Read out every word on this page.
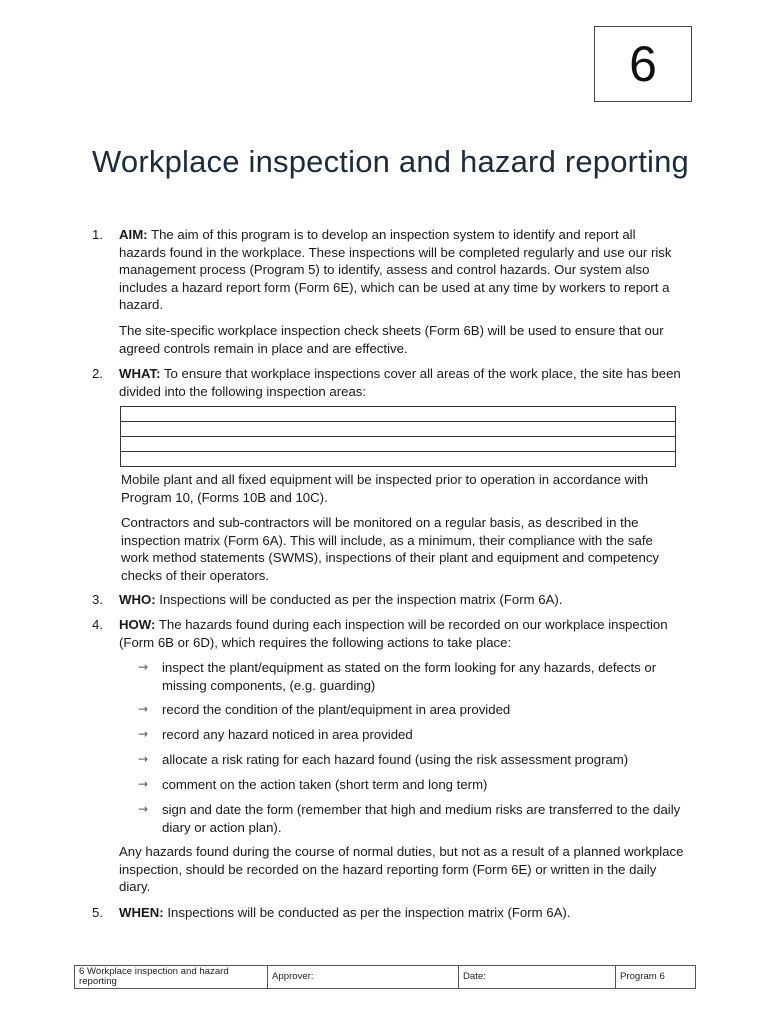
6
Workplace inspection and hazard reporting
1.	AIM: The aim of this program is to develop an inspection system to identify and report all hazards found in the workplace. These inspections will be completed regularly and use our risk management process (Program 5) to identify, assess and control hazards. Our system also includes a hazard report form (Form 6E), which can be used at any time by workers to report a hazard.
The site-specific workplace inspection check sheets (Form 6B) will be used to ensure that our agreed controls remain in place and are effective.
2.	WHAT: To ensure that workplace inspections cover all areas of the work place, the site has been divided into the following inspection areas:

Mobile plant and all fixed equipment will be inspected prior to operation in accordance with Program 10, (Forms 10B and 10C).
Contractors and sub-contractors will be monitored on a regular basis, as described in the inspection matrix (Form 6A). This will include, as a minimum, their compliance with the safe work method statements (SWMS), inspections of their plant and equipment and competency checks of their operators.
3.	WHO: Inspections will be conducted as per the inspection matrix (Form 6A).
4.	HOW: The hazards found during each inspection will be recorded on our workplace inspection (Form 6B or 6D), which requires the following actions to take place:
→	inspect the plant/equipment as stated on the form looking for any hazards, defects or missing components, (e.g. guarding)
→	record the condition of the plant/equipment in area provided
→	record any hazard noticed in area provided
→	allocate a risk rating for each hazard found (using the risk assessment program)
→	comment on the action taken (short term and long term)
→	sign and date the form (remember that high and medium risks are transferred to the daily diary or action plan).
Any hazards found during the course of normal duties, but not as a result of a planned workplace inspection, should be recorded on the hazard reporting form (Form 6E) or written in the daily diary.
5.	WHEN: Inspections will be conducted as per the inspection matrix (Form 6A).
6 Workplace inspection and hazard reporting	Approver:	Date:	Program 6
